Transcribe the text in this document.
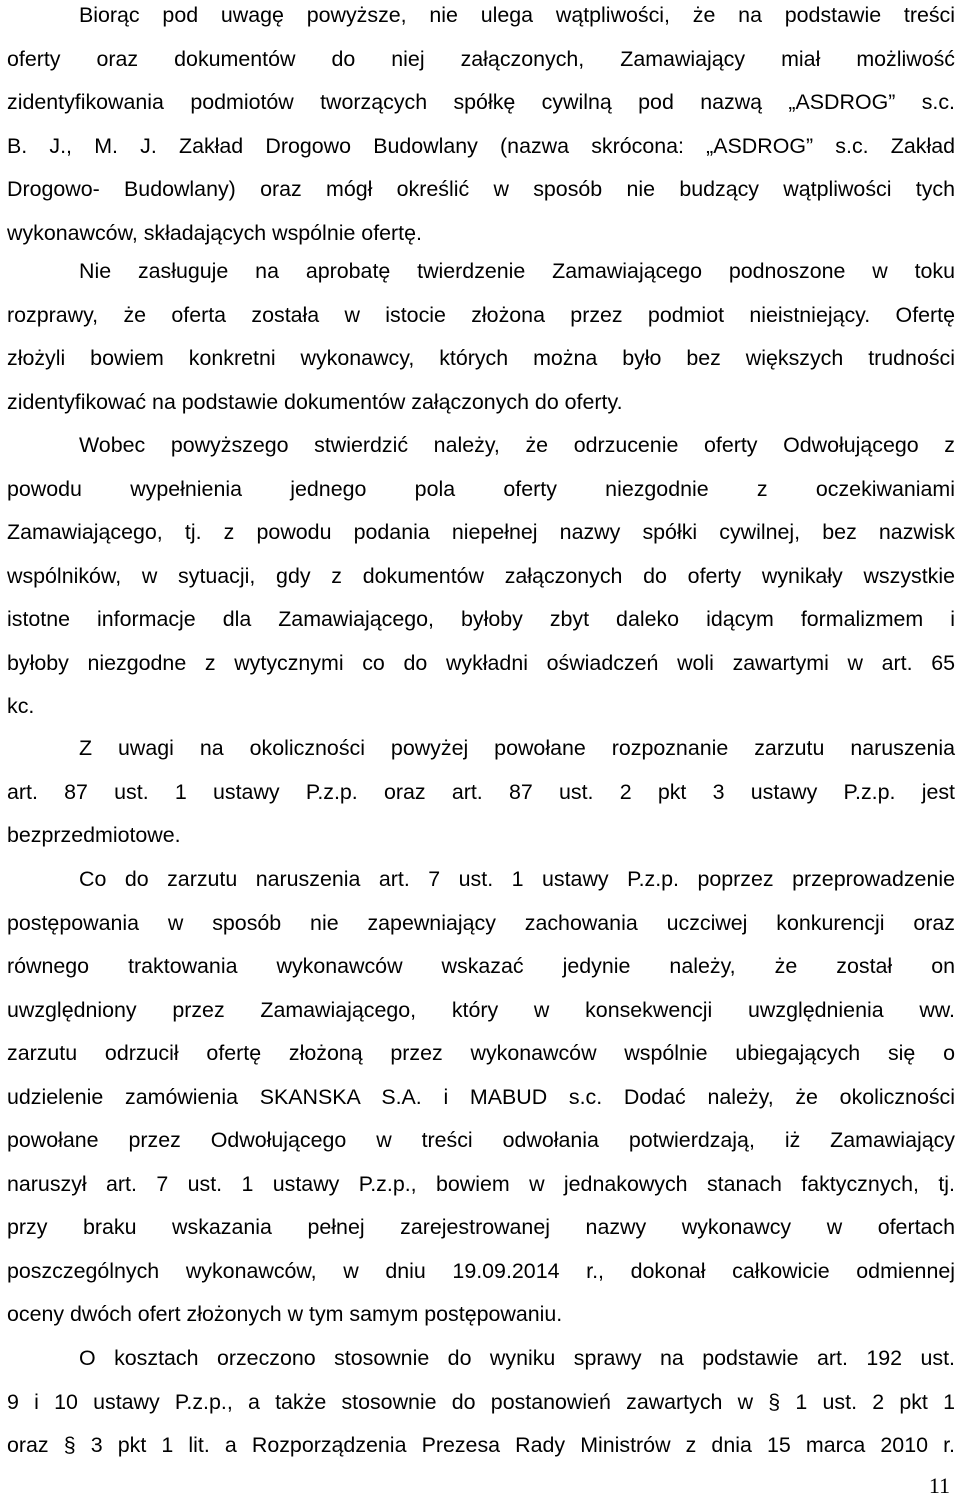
Biorąc pod uwagę powyższe, nie ulega wątpliwości, że na podstawie treści
oferty oraz dokumentów do niej załączonych, Zamawiający miał możliwość
zidentyfikowania podmiotów tworzących spółkę cywilną pod nazwą „ASDROG” s.c.
B. J., M. J. Zakład Drogowo Budowlany (nazwa skrócona: „ASDROG” s.c. Zakład
Drogowo- Budowlany) oraz mógł określić w sposób nie budzący wątpliwości tych
wykonawców, składających wspólnie ofertę.
Nie zasługuje na aprobatę twierdzenie Zamawiającego podnoszone w toku
rozprawy, że oferta została w istocie złożona przez podmiot nieistniejący. Ofertę
złożyli bowiem konkretni wykonawcy, których można było bez większych trudności
zidentyfikować na podstawie dokumentów załączonych do oferty.
Wobec powyższego stwierdzić należy, że odrzucenie oferty Odwołującego z
powodu wypełnienia jednego pola oferty niezgodnie z oczekiwaniami
Zamawiającego, tj. z powodu podania niepełnej nazwy spółki cywilnej, bez nazwisk
wspólników, w sytuacji, gdy z dokumentów załączonych do oferty wynikały wszystkie
istotne informacje dla Zamawiającego, byłoby zbyt daleko idącym formalizmem i
byłoby niezgodne z wytycznymi co do wykładni oświadczeń woli zawartymi w art. 65
kc.
Z uwagi na okoliczności powyżej powołane rozpoznanie zarzutu naruszenia
art. 87 ust. 1 ustawy P.z.p. oraz art. 87 ust. 2 pkt 3 ustawy P.z.p. jest
bezprzedmiotowe.
Co do zarzutu naruszenia art. 7 ust. 1 ustawy P.z.p. poprzez przeprowadzenie
postępowania w sposób nie zapewniający zachowania uczciwej konkurencji oraz
równego traktowania wykonawców wskazać jedynie należy, że został on
uwzględniony przez Zamawiającego, który w konsekwencji uwzględnienia ww.
zarzutu odrzucił ofertę złożoną przez wykonawców wspólnie ubiegających się o
udzielenie zamówienia SKANSKA S.A. i MABUD s.c. Dodać należy, że okoliczności
powołane przez Odwołującego w treści odwołania potwierdzają, iż Zamawiający
naruszył art. 7 ust. 1 ustawy P.z.p., bowiem w jednakowych stanach faktycznych, tj.
przy braku wskazania pełnej zarejestrowanej nazwy wykonawcy w ofertach
poszczególnych wykonawców, w dniu 19.09.2014 r., dokonał całkowicie odmiennej
oceny dwóch ofert złożonych w tym samym postępowaniu.
O kosztach orzeczono stosownie do wyniku sprawy na podstawie art. 192 ust.
9 i 10 ustawy P.z.p., a także stosownie do postanowień zawartych w § 1 ust. 2 pkt 1
oraz § 3 pkt 1 lit. a Rozporządzenia Prezesa Rady Ministrów z dnia 15 marca 2010 r.
11
